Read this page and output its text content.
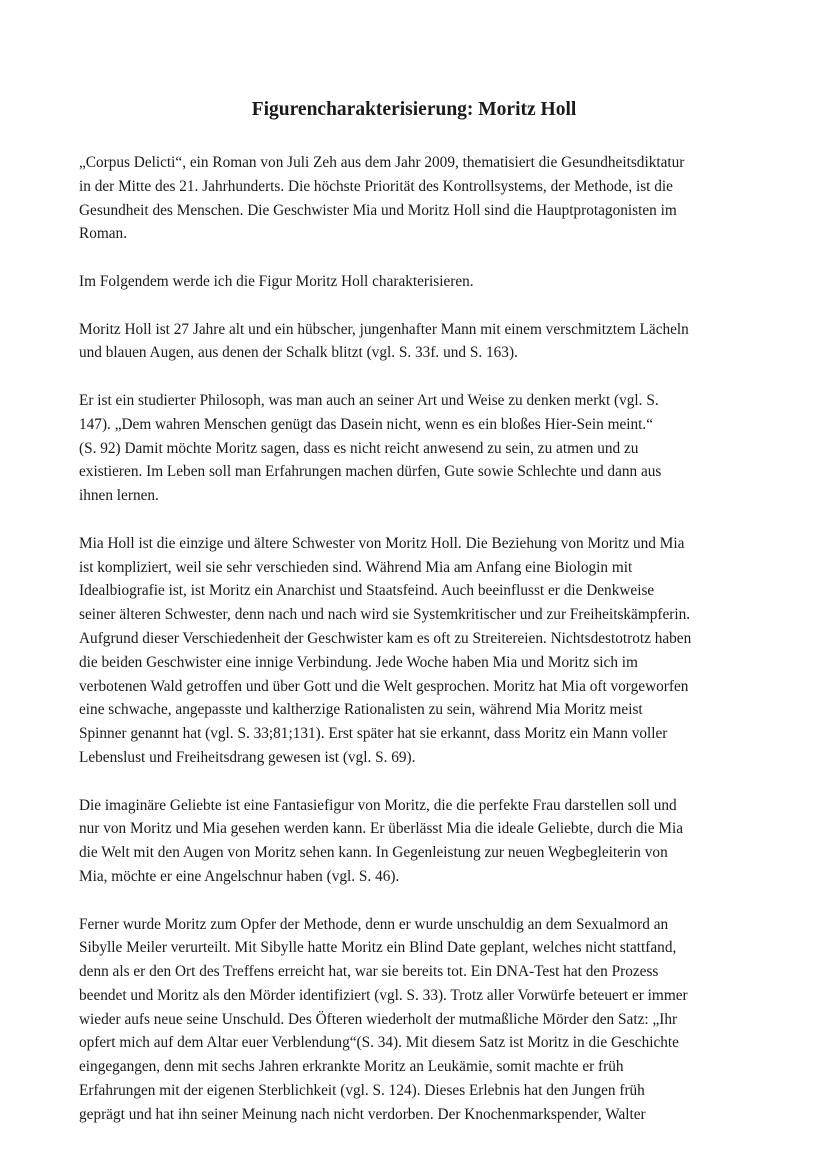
Figurencharakterisierung: Moritz Holl

„Corpus Delicti“, ein Roman von Juli Zeh aus dem Jahr 2009, thematisiert die Gesundheitsdiktatur
in der Mitte des 21. Jahrhunderts. Die höchste Priorität des Kontrollsystems, der Methode, ist die
Gesundheit des Menschen. Die Geschwister Mia und Moritz Holl sind die Hauptprotagonisten im
Roman.

Im Folgendem werde ich die Figur Moritz Holl charakterisieren.

Moritz Holl ist 27 Jahre alt und ein hübscher, jungenhafter Mann mit einem verschmitztem Lächeln
und blauen Augen, aus denen der Schalk blitzt (vgl. S. 33f. und S. 163).

Er ist ein studierter Philosoph, was man auch an seiner Art und Weise zu denken merkt (vgl. S.
147). „Dem wahren Menschen genügt das Dasein nicht, wenn es ein bloßes Hier-Sein meint.“
(S. 92) Damit möchte Moritz sagen, dass es nicht reicht anwesend zu sein, zu atmen und zu
existieren. Im Leben soll man Erfahrungen machen dürfen, Gute sowie Schlechte und dann aus
ihnen lernen.

Mia Holl ist die einzige und ältere Schwester von Moritz Holl. Die Beziehung von Moritz und Mia
ist kompliziert, weil sie sehr verschieden sind. Während Mia am Anfang eine Biologin mit
Idealbiografie ist, ist Moritz ein Anarchist und Staatsfeind. Auch beeinflusst er die Denkweise
seiner älteren Schwester, denn nach und nach wird sie Systemkritischer und zur Freiheitskämpferin.
Aufgrund dieser Verschiedenheit der Geschwister kam es oft zu Streitereien. Nichtsdestotrotz haben
die beiden Geschwister eine innige Verbindung. Jede Woche haben Mia und Moritz sich im
verbotenen Wald getroffen und über Gott und die Welt gesprochen. Moritz hat Mia oft vorgeworfen
eine schwache, angepasste und kaltherzige Rationalisten zu sein, während Mia Moritz meist
Spinner genannt hat (vgl. S. 33;81;131). Erst später hat sie erkannt, dass Moritz ein Mann voller
Lebenslust und Freiheitsdrang gewesen ist (vgl. S. 69).

Die imaginäre Geliebte ist eine Fantasiefigur von Moritz, die die perfekte Frau darstellen soll und
nur von Moritz und Mia gesehen werden kann. Er überlässt Mia die ideale Geliebte, durch die Mia
die Welt mit den Augen von Moritz sehen kann. In Gegenleistung zur neuen Wegbegleiterin von
Mia, möchte er eine Angelschnur haben (vgl. S. 46).

Ferner wurde Moritz zum Opfer der Methode, denn er wurde unschuldig an dem Sexualmord an
Sibylle Meiler verurteilt. Mit Sibylle hatte Moritz ein Blind Date geplant, welches nicht stattfand,
denn als er den Ort des Treffens erreicht hat, war sie bereits tot. Ein DNA-Test hat den Prozess
beendet und Moritz als den Mörder identifiziert (vgl. S. 33). Trotz aller Vorwürfe beteuert er immer
wieder aufs neue seine Unschuld. Des Öfteren wiederholt der mutmaßliche Mörder den Satz: „Ihr
opfert mich auf dem Altar euer Verblendung“(S. 34). Mit diesem Satz ist Moritz in die Geschichte
eingegangen, denn mit sechs Jahren erkrankte Moritz an Leukämie, somit machte er früh
Erfahrungen mit der eigenen Sterblichkeit (vgl. S. 124). Dieses Erlebnis hat den Jungen früh
geprägt und hat ihn seiner Meinung nach nicht verdorben. Der Knochenmarkspender, Walter
